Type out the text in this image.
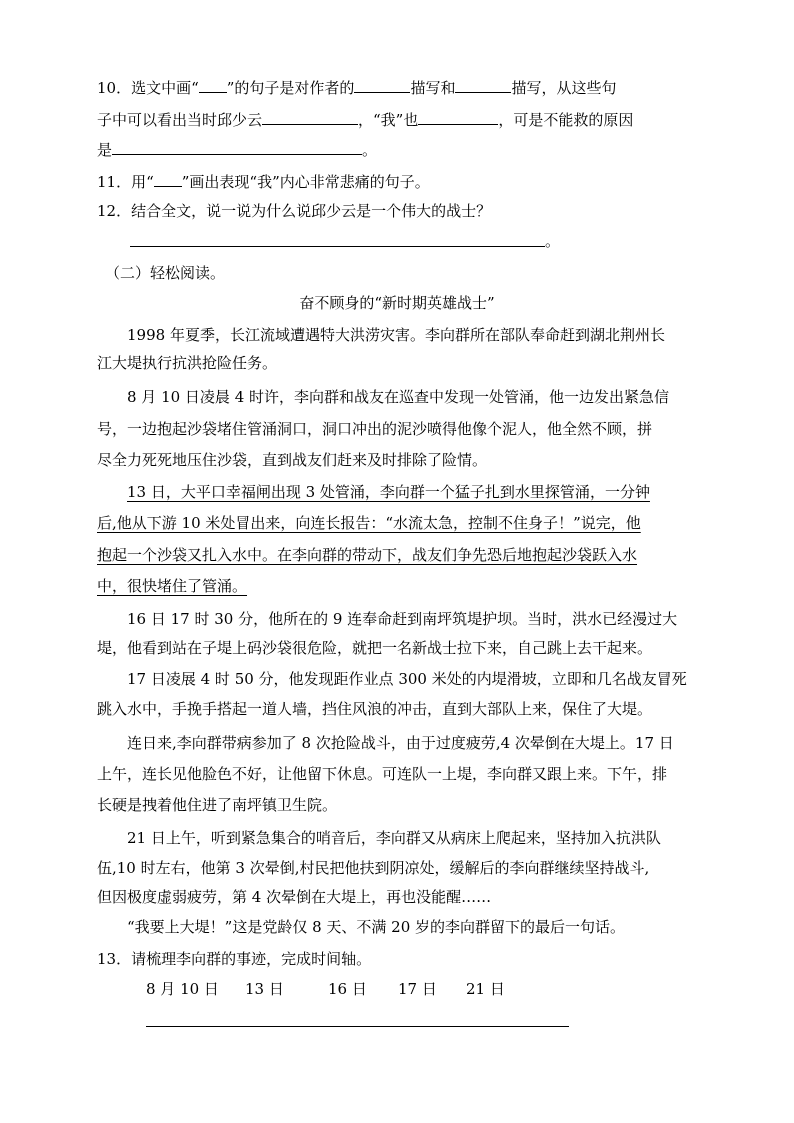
10．选文中画“ ”的句子是对作者的	描写和	描写，从这些句
子中可以看出当时邱少云	，“我”也	，可是不能救的原因
是	。
11．用“ ”画出表现“我”内心非常悲痛的句子。
12．结合全文，说一说为什么说邱少云是一个伟大的战士？
。
（二）轻松阅读。
奋不顾身的“新时期英雄战士”
1998 年夏季，长江流域遭遇特大洪涝灾害。李向群所在部队奉命赶到湖北荆州长
江大堤执行抗洪抢险任务。
8 月 10 日凌晨 4 时许，李向群和战友在巡查中发现一处管涌，他一边发出紧急信
号，一边抱起沙袋堵住管涌洞口，洞口冲出的泥沙喷得他像个泥人，他全然不顾，拼
尽全力死死地压住沙袋，直到战友们赶来及时排除了险情。
13 日，大平口幸福闸出现 3 处管涌，李向群一个猛子扎到水里探管涌，一分钟
后,他从下游 10 米处冒出来，向连长报告：“水流太急，控制不住身子！”说完，他
抱起一个沙袋又扎入水中。在李向群的带动下，战友们争先恐后地抱起沙袋跃入水
中，很快堵住了管涌。
16 日 17 时 30 分，他所在的 9 连奉命赶到南坪筑堤护坝。当时，洪水已经漫过大
堤，他看到站在子堤上码沙袋很危险，就把一名新战士拉下来，自己跳上去干起来。
17 日凌展 4 时 50 分，他发现距作业点 300 米处的内堤滑坡，立即和几名战友冒死
跳入水中，手挽手搭起一道人墙，挡住风浪的冲击，直到大部队上来，保住了大堤。
连日来,李向群带病参加了 8 次抢险战斗，由于过度疲劳,4 次晕倒在大堤上。17 日
上午，连长见他脸色不好，让他留下休息。可连队一上堤，李向群又跟上来。下午，排
长硬是拽着他住进了南坪镇卫生院。
21 日上午，听到紧急集合的哨音后，李向群又从病床上爬起来，坚持加入抗洪队
伍,10 时左右，他第 3 次晕倒,村民把他扶到阴凉处，缓解后的李向群继续坚持战斗,
但因极度虚弱疲劳，第 4 次晕倒在大堤上，再也没能醒……
“我要上大堤！”这是党龄仅 8 天、不满 20 岁的李向群留下的最后一句话。
13．请梳理李向群的事迹，完成时间轴。
8 月 10 日 13 日	16 日 17 日 21 日
